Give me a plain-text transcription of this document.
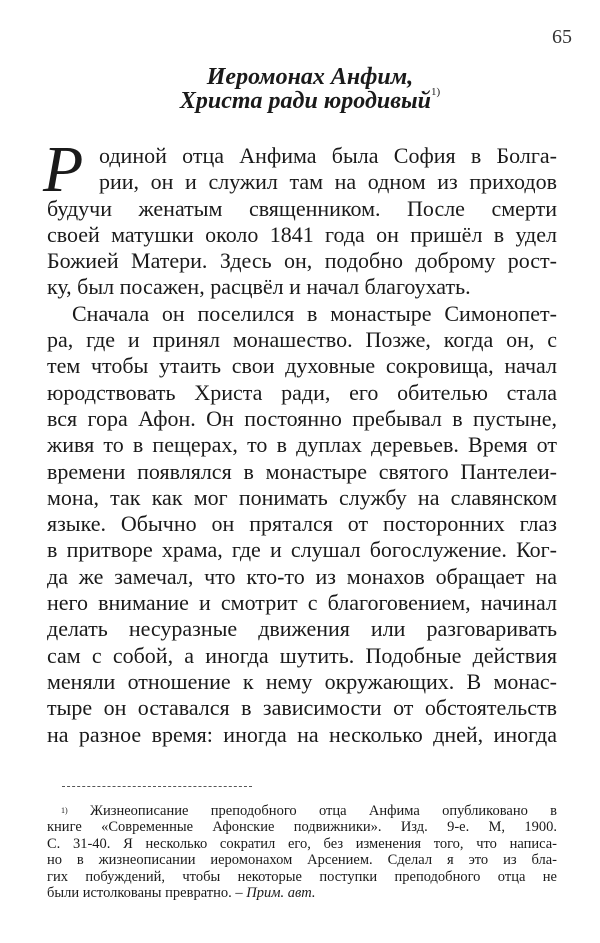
65
Иеромонах Анфим,
Христа ради юродивый$^{1)}$
Р одиной отца Анфима была София в Болга-
рии, он и служил там на одном из приходов
будучи женатым священником. После смерти
своей матушки около 1841 года он пришёл в удел
Божией Матери. Здесь он, подобно доброму рост-
ку, был посажен, расцвёл и начал благоухать.
Сначала он поселился в монастыре Симонопет-
ра, где и принял монашество. Позже, когда он, с
тем чтобы утаить свои духовные сокровища, начал
юродствовать Христа ради, его обителью стала
вся гора Афон. Он постоянно пребывал в пустыне,
живя то в пещерах, то в дуплах деревьев. Время от
времени появлялся в монастыре святого Пантелеи-
мона, так как мог понимать службу на славянском
языке. Обычно он прятался от посторонних глаз
в притворе храма, где и слушал богослужение. Ког-
да же замечал, что кто-то из монахов обращает на
него внимание и смотрит с благоговением, начинал
делать несуразные движения или разговаривать
сам с собой, а иногда шутить. Подобные действия
меняли отношение к нему окружающих. В монас-
тыре он оставался в зависимости от обстоятельств
на разное время: иногда на несколько дней, иногда
$^{1)}$ Жизнеописание преподобного отца Анфима опубликовано в
книге «Современные Афонские подвижники». Изд. 9-е. М, 1900.
С. 31-40. Я несколько сократил его, без изменения того, что написа-
но в жизнеописании иеромонахом Арсением. Сделал я это из бла-
гих побуждений, чтобы некоторые поступки преподобного отца не
были истолкованы превратно. – Прим. авт.
